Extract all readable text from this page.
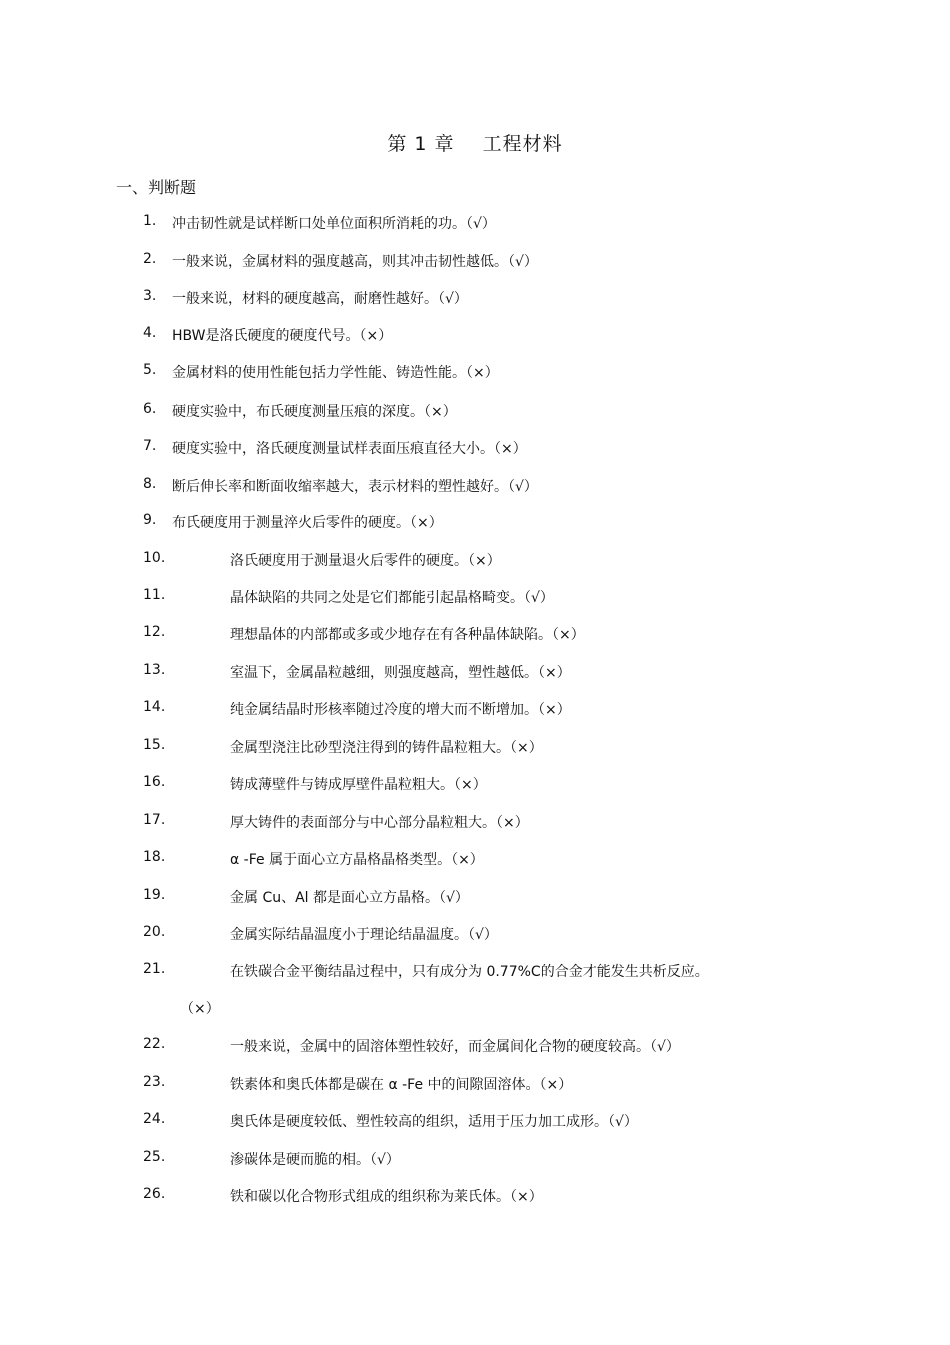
第 1 章    工程材料
一、判断题
1. 冲击韧性就是试样断口处单位面积所消耗的功。（√）
2. 一般来说，金属材料的强度越高，则其冲击韧性越低。（√）
3. 一般来说，材料的硬度越高，耐磨性越好。（√）
4. HBW是洛氏硬度的硬度代号。（×）
5. 金属材料的使用性能包括力学性能、铸造性能。（×）
6. 硬度实验中，布氏硬度测量压痕的深度。（×）
7. 硬度实验中，洛氏硬度测量试样表面压痕直径大小。（×）
8. 断后伸长率和断面收缩率越大，表示材料的塑性越好。（√）
9. 布氏硬度用于测量淬火后零件的硬度。（×）
10.	洛氏硬度用于测量退火后零件的硬度。（×）
11.	晶体缺陷的共同之处是它们都能引起晶格畸变。（√）
12.	理想晶体的内部都或多或少地存在有各种晶体缺陷。（×）
13.	室温下，金属晶粒越细，则强度越高，塑性越低。（×）
14.	纯金属结晶时形核率随过冷度的增大而不断增加。（×）
15.	金属型浇注比砂型浇注得到的铸件晶粒粗大。（×）
16.	铸成薄壁件与铸成厚壁件晶粒粗大。（×）
17.	厚大铸件的表面部分与中心部分晶粒粗大。（×）
18.	α -Fe 属于面心立方晶格晶格类型。（×）
19.	金属 Cu、Al 都是面心立方晶格。（√）
20.	金属实际结晶温度小于理论结晶温度。（√）
21.	在铁碳合金平衡结晶过程中，只有成分为 0.77%C的合金才能发生共析反应。
（×）
22.	一般来说，金属中的固溶体塑性较好，而金属间化合物的硬度较高。（√）
23.	铁素体和奥氏体都是碳在 α -Fe 中的间隙固溶体。（×）
24.	奥氏体是硬度较低、塑性较高的组织，适用于压力加工成形。（√）
25.	渗碳体是硬而脆的相。（√）
26.	铁和碳以化合物形式组成的组织称为莱氏体。（×）
